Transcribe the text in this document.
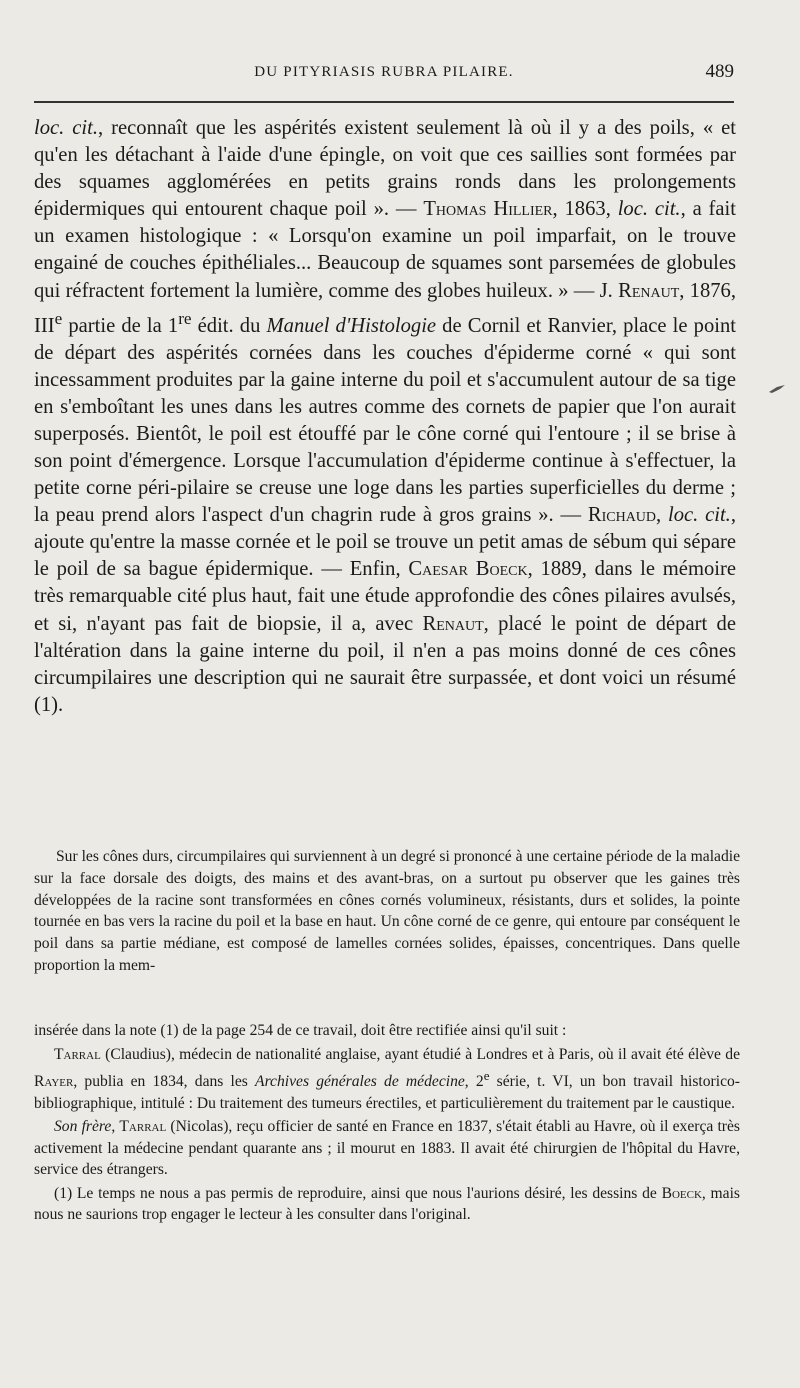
DU PITYRIASIS RUBRA PILAIRE.	489

loc. cit., reconnaît que les aspérités existent seulement là où il y a des poils, « et qu'en les détachant à l'aide d'une épingle, on voit que ces saillies sont formées par des squames agglomérées en petits grains ronds dans les prolongements épidermiques qui entourent chaque poil ». — Thomas Hillier, 1863, loc. cit., a fait un examen histologique : « Lorsqu'on examine un poil imparfait, on le trouve engainé de couches épithéliales... Beaucoup de squames sont parsemées de globules qui réfractent fortement la lumière, comme des globes huileux. » — J. Renaut, 1876, IIIe partie de la 1re édit. du Manuel d'Histologie de Cornil et Ranvier, place le point de départ des aspérités cornées dans les couches d'épiderme corné « qui sont incessamment produites par la gaine interne du poil et s'accumulent autour de sa tige en s'emboîtant les unes dans les autres comme des cornets de papier que l'on aurait superposés. Bientôt, le poil est étouffé par le cône corné qui l'entoure ; il se brise à son point d'émergence. Lorsque l'accumulation d'épiderme continue à s'effectuer, la petite corne péri-pilaire se creuse une loge dans les parties superficielles du derme ; la peau prend alors l'aspect d'un chagrin rude à gros grains ». — Richaud, loc. cit., ajoute qu'entre la masse cornée et le poil se trouve un petit amas de sébum qui sépare le poil de sa bague épidermique. — Enfin, Caesar Boeck, 1889, dans le mémoire très remarquable cité plus haut, fait une étude approfondie des cônes pilaires avulsés, et si, n'ayant pas fait de biopsie, il a, avec Renaut, placé le point de départ de l'altération dans la gaine interne du poil, il n'en a pas moins donné de ces cônes circumpilaires une description qui ne saurait être surpassée, et dont voici un résumé (1).

Sur les cônes durs, circumpilaires qui surviennent à un degré si prononcé à une certaine période de la maladie sur la face dorsale des doigts, des mains et des avant-bras, on a surtout pu observer que les gaines très développées de la racine sont transformées en cônes cornés volumineux, résistants, durs et solides, la pointe tournée en bas vers la racine du poil et la base en haut. Un cône corné de ce genre, qui entoure par conséquent le poil dans sa partie médiane, est composé de lamelles cornées solides, épaisses, concentriques. Dans quelle proportion la mem-

insérée dans la note (1) de la page 254 de ce travail, doit être rectifiée ainsi qu'il suit :

Tarral (Claudius), médecin de nationalité anglaise, ayant étudié à Londres et à Paris, où il avait été élève de Rayer, publia en 1834, dans les Archives générales de médecine, 2e série, t. VI, un bon travail historico-bibliographique, intitulé : Du traitement des tumeurs érectiles, et particulièrement du traitement par le caustique.

Son frère, Tarral (Nicolas), reçu officier de santé en France en 1837, s'était établi au Havre, où il exerça très activement la médecine pendant quarante ans ; il mourut en 1883. Il avait été chirurgien de l'hôpital du Havre, service des étrangers.

(1) Le temps ne nous a pas permis de reproduire, ainsi que nous l'aurions désiré, les dessins de Boeck, mais nous ne saurions trop engager le lecteur à les consulter dans l'original.
